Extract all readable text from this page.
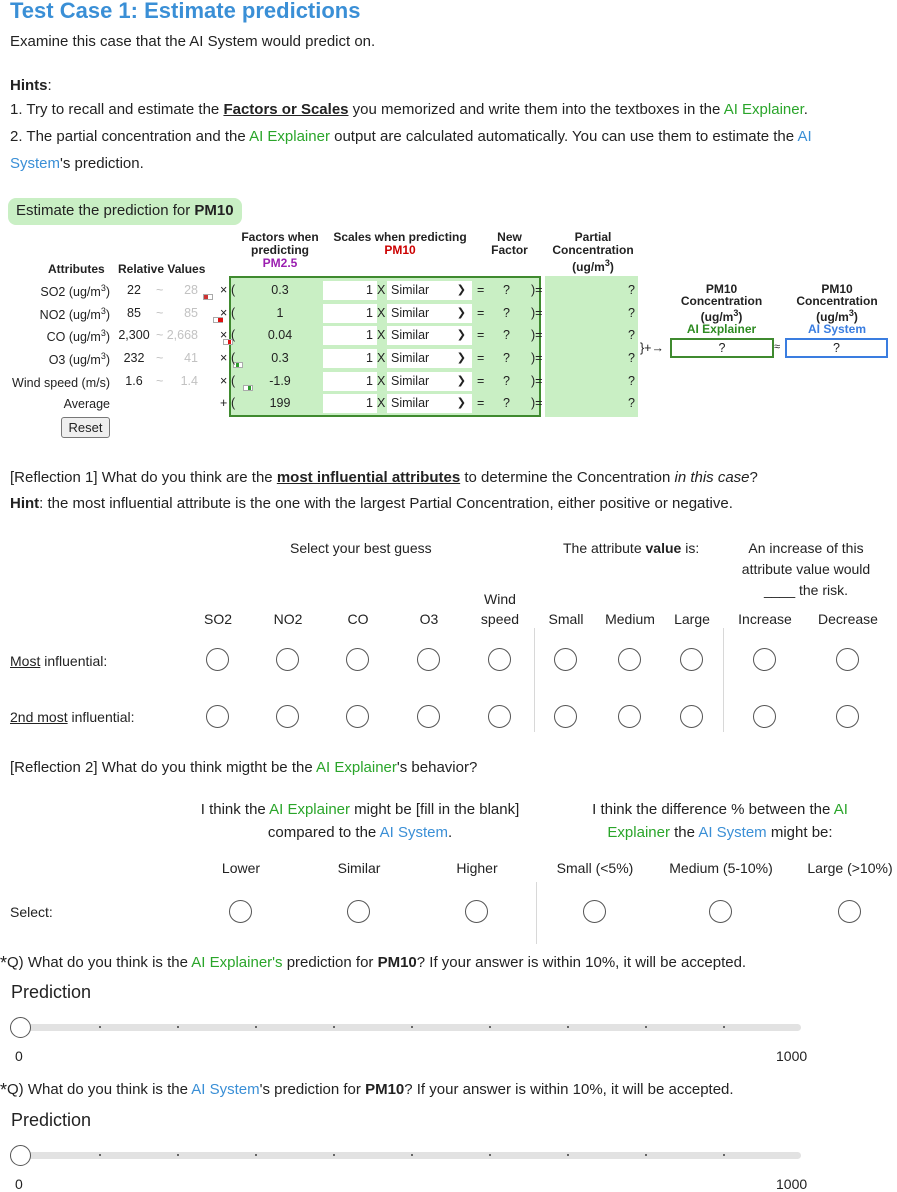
Test Case 1: Estimate predictions
Examine this case that the AI System would predict on.
Hints:
1. Try to recall and estimate the Factors or Scales you memorized and write them into the textboxes in the AI Explainer.
2. The partial concentration and the AI Explainer output are calculated automatically. You can use them to estimate the AI
System's prediction.
Estimate the prediction for PM10
Attributes Relative Values
Factors when
predicting
PM2.5
Scales when predicting
PM10
New
Factor
Partial
Concentration
$(ug/m^3)$
SO2 $(ug/m^3)$	22	~	28 × (	0.3	1 X Similar	❯ = ? )=	?
NO2 $(ug/m^3)$	85	~	85 × (	1	1 X Similar	❯ = ? )=	?
CO $(ug/m^3)$ 2,300 ~ 2,668 × (	0.04	1 X Similar	❯ = ? )=	?
O3 $(ug/m^3)$	232 ~	41 × (	0.3	1 X Similar	❯ = ? )=	?
Wind speed (m/s)	1.6	~	1.4 × (	-1.9	1 X Similar	❯ = ? )=	?
Average	+ (	199	1 X Similar	❯ = ? )=	?
}+→
PM10
Concentration
$(ug/m^3)$
AI Explainer
?	≈
PM10
Concentration
$(ug/m^3)$
AI System
?
Reset
[Reflection 1] What do you think are the most influential attributes to determine the Concentration in this case?
Hint: the most influential attribute is the one with the largest Partial Concentration, either positive or negative.
Select your best guess	The attribute value is:	An increase of this
attribute value would
____ the risk.
SO2	NO2	CO	O3	speed	Small	Medium	Large	Increase	Decrease
Wind
Most influential:
2nd most influential:
[Reflection 2] What do you think migtht be the AI Explainer's behavior?
I think the AI Explainer might be [fill in the blank]
compared to the AI System.
I think the difference % between the AI
Explainer the AI System might be:
Lower	Similar	Higher	Small (<5%)	Medium (5-10%)	Large (>10%)
Select:
*Q) What do you think is the AI Explainer's prediction for PM10? If your answer is within 10%, it will be accepted.
Prediction
0	1000
*Q) What do you think is the AI System's prediction for PM10? If your answer is within 10%, it will be accepted.
Prediction
0	1000
